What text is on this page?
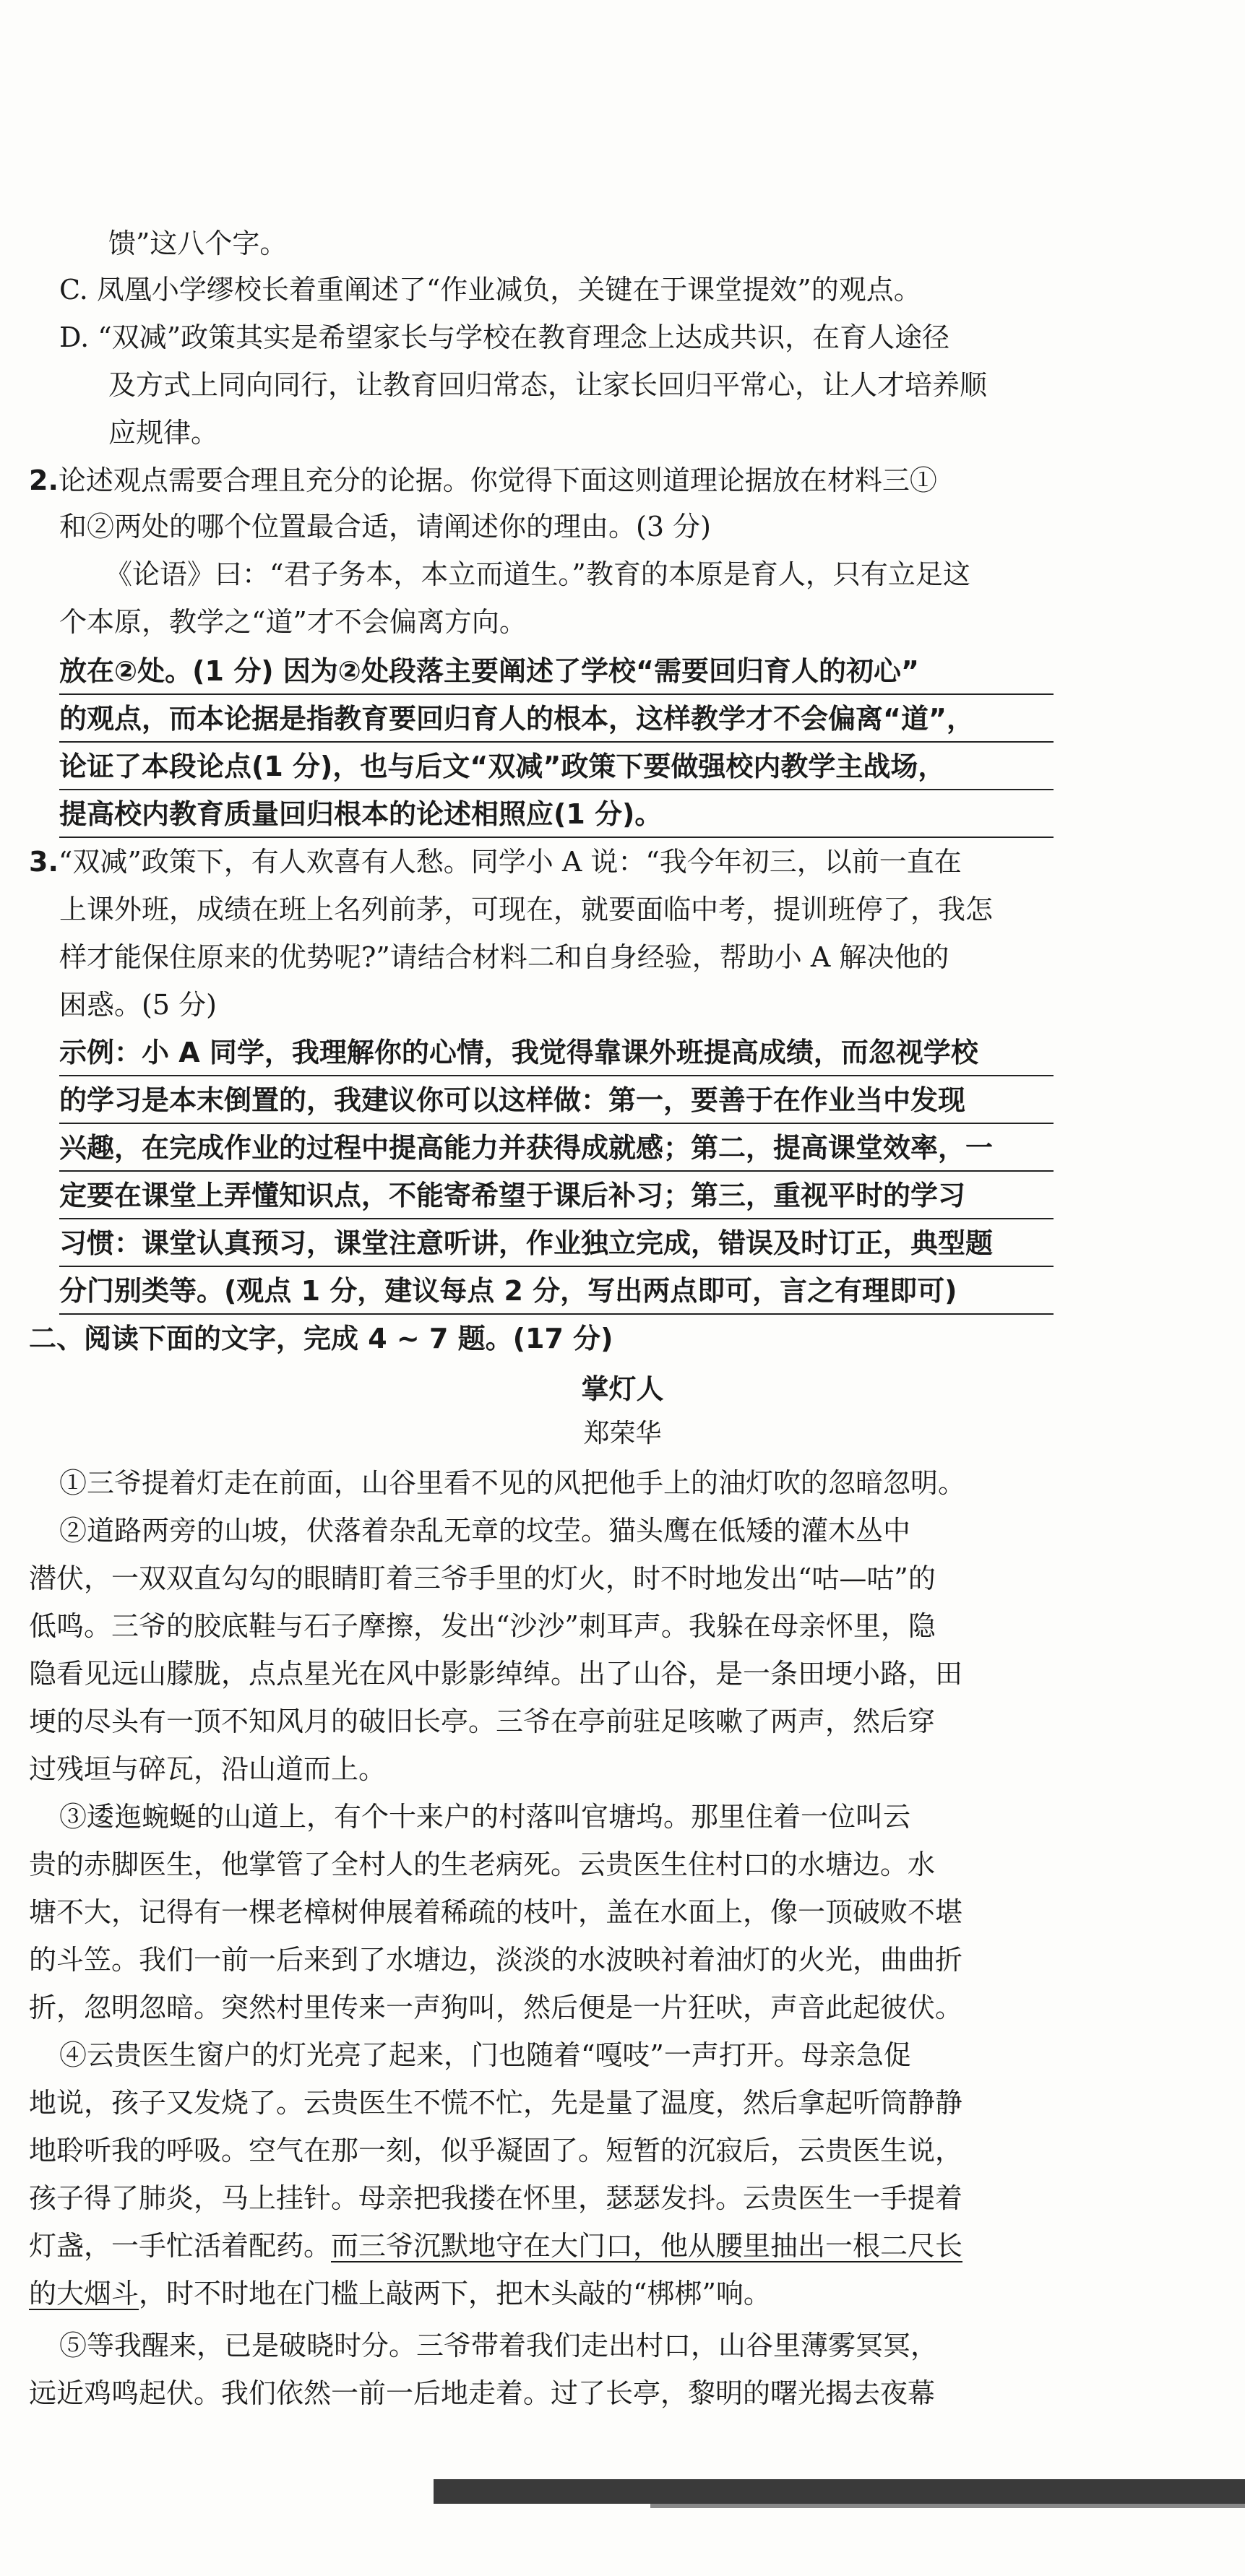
馈”这八个字。
C. 凤凰小学缪校长着重阐述了“作业减负，关键在于课堂提效”的观点。
D. “双减”政策其实是希望家长与学校在教育理念上达成共识，在育人途径
及方式上同向同行，让教育回归常态，让家长回归平常心，让人才培养顺
应规律。
2.论述观点需要合理且充分的论据。你觉得下面这则道理论据放在材料三①
和②两处的哪个位置最合适，请阐述你的理由。(3 分)
《论语》曰：“君子务本，本立而道生。”教育的本原是育人，只有立足这
个本原，教学之“道”才不会偏离方向。
放在②处。(1 分) 因为②处段落主要阐述了学校“需要回归育人的初心”
的观点，而本论据是指教育要回归育人的根本，这样教学才不会偏离“道”，
论证了本段论点(1 分)，也与后文“双减”政策下要做强校内教学主战场，
提高校内教育质量回归根本的论述相照应(1 分)。
3.“双减”政策下，有人欢喜有人愁。同学小 A 说：“我今年初三，以前一直在
上课外班，成绩在班上名列前茅，可现在，就要面临中考，提训班停了，我怎
样才能保住原来的优势呢?”请结合材料二和自身经验，帮助小 A 解决他的
困惑。(5 分)
示例：小 A 同学，我理解你的心情，我觉得靠课外班提高成绩，而忽视学校
的学习是本末倒置的，我建议你可以这样做：第一，要善于在作业当中发现
兴趣，在完成作业的过程中提高能力并获得成就感；第二，提高课堂效率，一
定要在课堂上弄懂知识点，不能寄希望于课后补习；第三，重视平时的学习
习惯：课堂认真预习，课堂注意听讲，作业独立完成，错误及时订正，典型题
分门别类等。(观点 1 分，建议每点 2 分，写出两点即可，言之有理即可)
二、阅读下面的文字，完成 4 ~ 7 题。(17 分)
掌灯人
郑荣华
①三爷提着灯走在前面，山谷里看不见的风把他手上的油灯吹的忽暗忽明。
②道路两旁的山坡，伏落着杂乱无章的坟茔。猫头鹰在低矮的灌木丛中
潜伏，一双双直勾勾的眼睛盯着三爷手里的灯火，时不时地发出“咕—咕”的
低鸣。三爷的胶底鞋与石子摩擦，发出“沙沙”刺耳声。我躲在母亲怀里，隐
隐看见远山朦胧，点点星光在风中影影绰绰。出了山谷，是一条田埂小路，田
埂的尽头有一顶不知风月的破旧长亭。三爷在亭前驻足咳嗽了两声，然后穿
过残垣与碎瓦，沿山道而上。
③逶迤蜿蜒的山道上，有个十来户的村落叫官塘坞。那里住着一位叫云
贵的赤脚医生，他掌管了全村人的生老病死。云贵医生住村口的水塘边。水
塘不大，记得有一棵老樟树伸展着稀疏的枝叶，盖在水面上，像一顶破败不堪
的斗笠。我们一前一后来到了水塘边，淡淡的水波映衬着油灯的火光，曲曲折
折，忽明忽暗。突然村里传来一声狗叫，然后便是一片狂吠，声音此起彼伏。
④云贵医生窗户的灯光亮了起来，门也随着“嘎吱”一声打开。母亲急促
地说，孩子又发烧了。云贵医生不慌不忙，先是量了温度，然后拿起听筒静静
地聆听我的呼吸。空气在那一刻，似乎凝固了。短暂的沉寂后，云贵医生说，
孩子得了肺炎，马上挂针。母亲把我搂在怀里，瑟瑟发抖。云贵医生一手提着
灯盏，一手忙活着配药。而三爷沉默地守在大门口，他从腰里抽出一根二尺长
的大烟斗，时不时地在门槛上敲两下，把木头敲的“梆梆”响。
⑤等我醒来，已是破晓时分。三爷带着我们走出村口，山谷里薄雾冥冥，
远近鸡鸣起伏。我们依然一前一后地走着。过了长亭，黎明的曙光揭去夜幕
